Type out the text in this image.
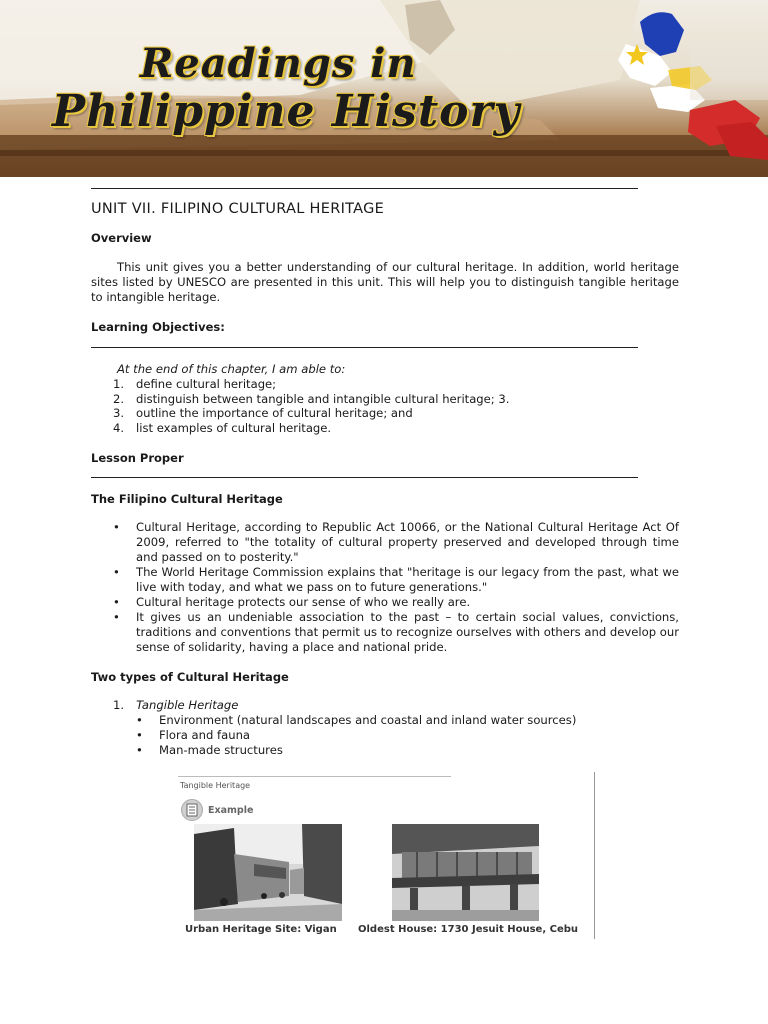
Readings in
Philippine History
UNIT VII. FILIPINO CULTURAL HERITAGE
Overview

This unit gives you a better understanding of our cultural heritage. In addition, world heritage sites listed by UNESCO are presented in this unit. This will help you to distinguish tangible heritage to intangible heritage.

Learning Objectives:

At the end of this chapter, I am able to:

1. define cultural heritage;
2. distinguish between tangible and intangible cultural heritage; 3.
3. outline the importance of cultural heritage; and
4. list examples of cultural heritage.
Lesson Proper
The Filipino Cultural Heritage
• Cultural Heritage, according to Republic Act 10066, or the National Cultural Heritage Act Of 2009, referred to "the totality of cultural property preserved and developed through time and passed on to posterity."
• The World Heritage Commission explains that "heritage is our legacy from the past, what we live with today, and what we pass on to future generations."
• Cultural heritage protects our sense of who we really are.
• It gives us an undeniable association to the past – to certain social values, convictions, traditions and conventions that permit us to recognize ourselves with others and develop our sense of solidarity, having a place and national pride.
Two types of Cultural Heritage

1. Tangible Heritage

• Environment (natural landscapes and coastal and inland water sources)
• Flora and fauna
• Man-made structures
Tangible Heritage
Example
Urban Heritage Site: Vigan Oldest House: 1730 Jesuit House, Cebu
